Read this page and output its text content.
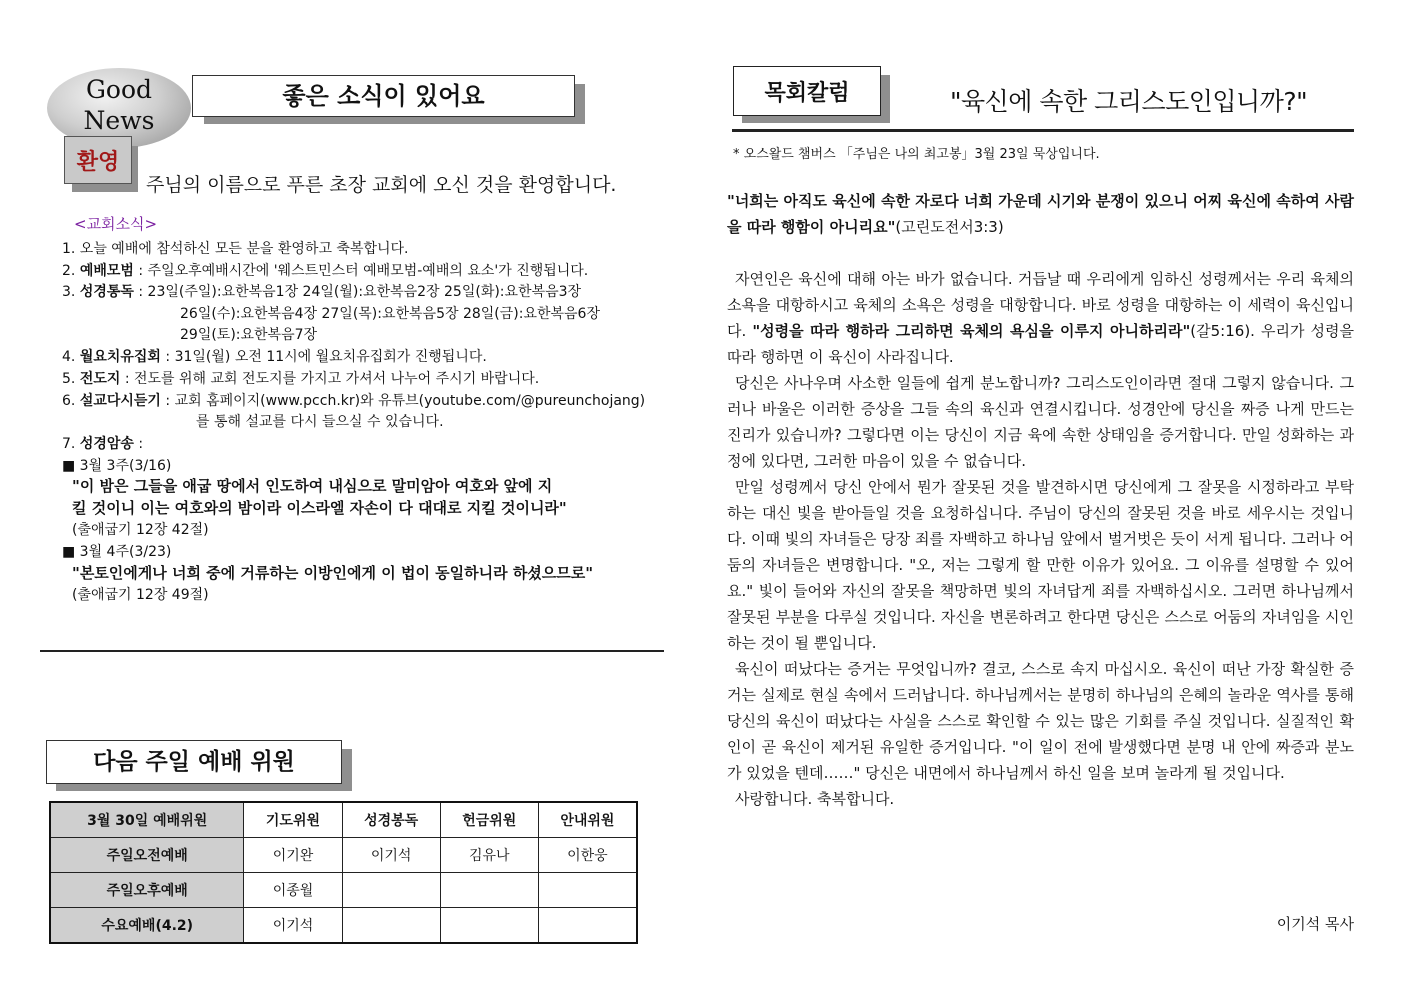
Good
News
좋은 소식이 있어요
환영
주님의 이름으로 푸른 초장 교회에 오신 것을 환영합니다.
<교회소식>
1. 오늘 예배에 참석하신 모든 분을 환영하고 축복합니다.
2. 예배모범 : 주일오후예배시간에 '웨스트민스터 예배모범-예배의 요소'가 진행됩니다.
3. 성경통독 : 23일(주일):요한복음1장 24일(월):요한복음2장 25일(화):요한복음3장
26일(수):요한복음4장 27일(목):요한복음5장 28일(금):요한복음6장
29일(토):요한복음7장
4. 월요치유집회 : 31일(월) 오전 11시에 월요치유집회가 진행됩니다.
5. 전도지 : 전도를 위해 교회 전도지를 가지고 가셔서 나누어 주시기 바랍니다.
6. 설교다시듣기 : 교회 홈페이지(www.pcch.kr)와 유튜브(youtube.com/@pureunchojang)
를 통해 설교를 다시 들으실 수 있습니다.
7. 성경암송 :
■ 3월 3주(3/16)
"이 밤은 그들을 애굽 땅에서 인도하여 내심으로 말미암아 여호와 앞에 지
킬 것이니 이는 여호와의 밤이라 이스라엘 자손이 다 대대로 지킬 것이니라"
(출애굽기 12장 42절)
■ 3월 4주(3/23)
"본토인에게나 너희 중에 거류하는 이방인에게 이 법이 동일하니라 하셨으므로"
(출애굽기 12장 49절)
다음 주일 예배 위원
3월 30일 예배위원	기도위원	성경봉독	헌금위원	안내위원
주일오전예배	이기완	이기석	김유나	이한웅
주일오후예배	이종월			
수요예배(4.2)	이기석			
목회칼럼	"육신에 속한 그리스도인입니까?"
* 오스왈드 챔버스 「주님은 나의 최고봉」3월 23일 묵상입니다.
"너희는 아직도 육신에 속한 자로다 너희 가운데 시기와 분쟁이 있으니 어찌 육신에 속하여 사람을 따라 행함이 아니리요"(고린도전서3:3)

자연인은 육신에 대해 아는 바가 없습니다. 거듭날 때 우리에게 임하신 성령께서는 우리 육체의 소욕을 대항하시고 육체의 소욕은 성령을 대항합니다. 바로 성령을 대항하는 이 세력이 육신입니다. "성령을 따라 행하라 그리하면 육체의 욕심을 이루지 아니하리라"(갈5:16). 우리가 성령을 따라 행하면 이 육신이 사라집니다.

당신은 사나우며 사소한 일들에 쉽게 분노합니까? 그리스도인이라면 절대 그렇지 않습니다. 그러나 바울은 이러한 증상을 그들 속의 육신과 연결시킵니다. 성경안에 당신을 짜증 나게 만드는 진리가 있습니까? 그렇다면 이는 당신이 지금 육에 속한 상태임을 증거합니다. 만일 성화하는 과정에 있다면, 그러한 마음이 있을 수 없습니다.

만일 성령께서 당신 안에서 뭔가 잘못된 것을 발견하시면 당신에게 그 잘못을 시정하라고 부탁하는 대신 빛을 받아들일 것을 요청하십니다. 주님이 당신의 잘못된 것을 바로 세우시는 것입니다. 이때 빛의 자녀들은 당장 죄를 자백하고 하나님 앞에서 벌거벗은 듯이 서게 됩니다. 그러나 어둠의 자녀들은 변명합니다. "오, 저는 그렇게 할 만한 이유가 있어요. 그 이유를 설명할 수 있어요." 빛이 들어와 자신의 잘못을 책망하면 빛의 자녀답게 죄를 자백하십시오. 그러면 하나님께서 잘못된 부분을 다루실 것입니다. 자신을 변론하려고 한다면 당신은 스스로 어둠의 자녀임을 시인하는 것이 될 뿐입니다.

육신이 떠났다는 증거는 무엇입니까? 결코, 스스로 속지 마십시오. 육신이 떠난 가장 확실한 증거는 실제로 현실 속에서 드러납니다. 하나님께서는 분명히 하나님의 은혜의 놀라운 역사를 통해 당신의 육신이 떠났다는 사실을 스스로 확인할 수 있는 많은 기회를 주실 것입니다. 실질적인 확인이 곧 육신이 제거된 유일한 증거입니다. "이 일이 전에 발생했다면 분명 내 안에 짜증과 분노가 있었을 텐데……" 당신은 내면에서 하나님께서 하신 일을 보며 놀라게 될 것입니다.

사랑합니다. 축복합니다.

이기석 목사
